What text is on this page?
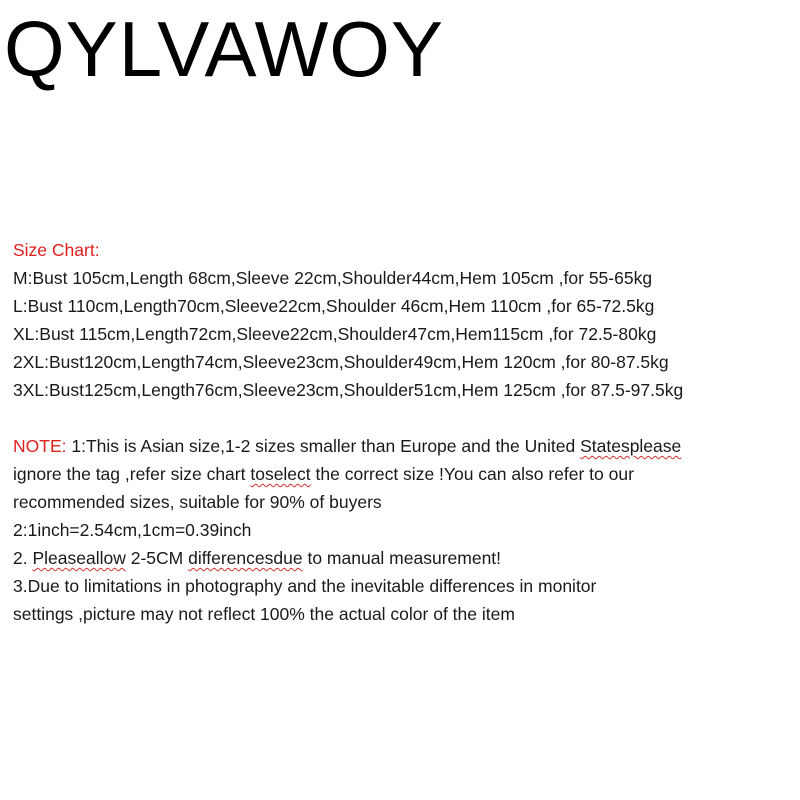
QYLVAWOY
Size Chart:
M:Bust 105cm,Length 68cm,Sleeve 22cm,Shoulder44cm,Hem 105cm ,for 55-65kg
L:Bust 110cm,Length70cm,Sleeve22cm,Shoulder 46cm,Hem 110cm ,for 65-72.5kg
XL:Bust 115cm,Length72cm,Sleeve22cm,Shoulder47cm,Hem115cm ,for 72.5-80kg
2XL:Bust120cm,Length74cm,Sleeve23cm,Shoulder49cm,Hem 120cm ,for 80-87.5kg
3XL:Bust125cm,Length76cm,Sleeve23cm,Shoulder51cm,Hem 125cm ,for 87.5-97.5kg
NOTE: 1:This is Asian size,1-2 sizes smaller than Europe and the United Statesplease
ignore the tag ,refer size chart toselect the correct size !You can also refer to our
recommended sizes, suitable for 90% of buyers
2:1inch=2.54cm,1cm=0.39inch
2. Pleaseallow 2-5CM differencesdue to manual measurement!
3.Due to limitations in photography and the inevitable differences in monitor
settings ,picture may not reflect 100% the actual color of the item
